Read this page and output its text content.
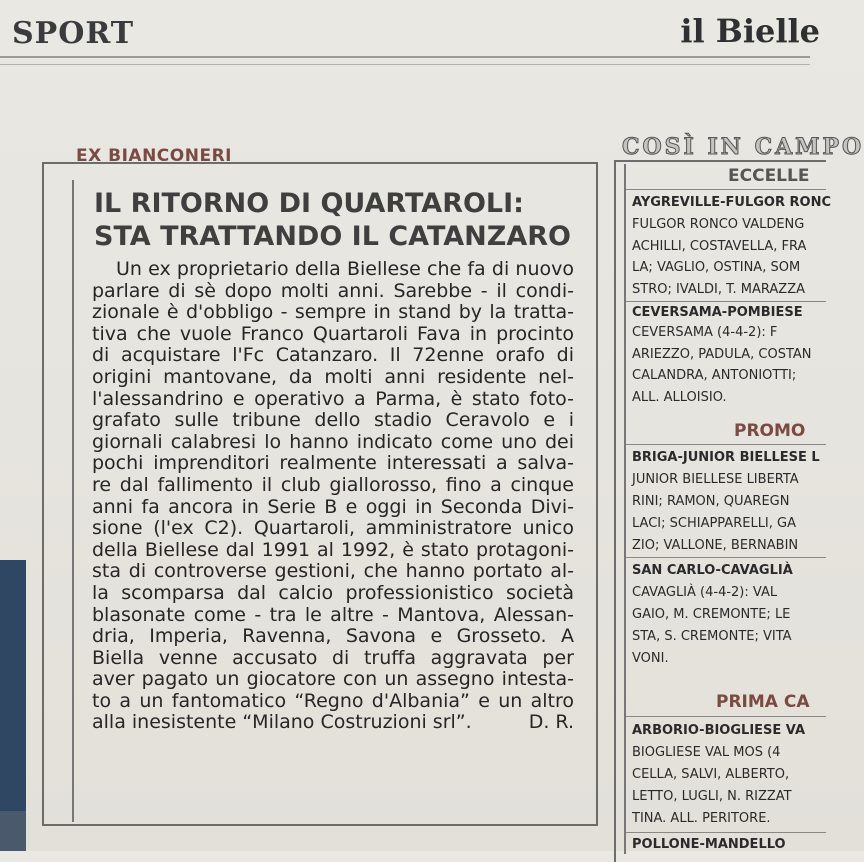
SPORT	il Bielle
EX BIANCONERI
IL RITORNO DI QUARTAROLI:
STA TRATTANDO IL CATANZARO
Un ex proprietario della Biellese che fa di nuovo
parlare di sè dopo molti anni. Sarebbe - il condi-
zionale è d'obbligo - sempre in stand by la tratta-
tiva che vuole Franco Quartaroli Fava in procinto
di acquistare l'Fc Catanzaro. Il 72enne orafo di
origini mantovane, da molti anni residente nel-
l'alessandrino e operativo a Parma, è stato foto-
grafato sulle tribune dello stadio Ceravolo e i
giornali calabresi lo hanno indicato come uno dei
pochi imprenditori realmente interessati a salva-
re dal fallimento il club giallorosso, fino a cinque
anni fa ancora in Serie B e oggi in Seconda Divi-
sione (l'ex C2). Quartaroli, amministratore unico
della Biellese dal 1991 al 1992, è stato protagoni-
sta di controverse gestioni, che hanno portato al-
la scomparsa dal calcio professionistico società
blasonate come - tra le altre - Mantova, Alessan-
dria, Imperia, Ravenna, Savona e Grosseto. A
Biella venne accusato di truffa aggravata per
aver pagato un giocatore con un assegno intesta-
to a un fantomatico “Regno d'Albania” e un altro
alla inesistente “Milano Costruzioni srl”.	D. R.
COSÌ IN CAMPO
ECCELLE
AYGREVILLE-FULGOR RONC
FULGOR RONCO VALDENG
ACHILLI, COSTAVELLA, FRA
LA; VAGLIO, OSTINA, SOM
STRO; IVALDI, T. MARAZZA
CEVERSAMA-POMBIESE
CEVERSAMA (4-4-2): F
ARIEZZO, PADULA, COSTAN
CALANDRA, ANTONIOTTI;
ALL. ALLOISIO.
PROMO
BRIGA-JUNIOR BIELLESE L
JUNIOR BIELLESE LIBERTA
RINI; RAMON, QUAREGN
LACI; SCHIAPPARELLI, GA
ZIO; VALLONE, BERNABIN
SAN CARLO-CAVAGLIÀ
CAVAGLIÀ (4-4-2): VAL
GAIO, M. CREMONTE; LE
STA, S. CREMONTE; VITA
VONI.
PRIMA CA
ARBORIO-BIOGLIESE VA
BIOGLIESE VAL MOS (4
CELLA, SALVI, ALBERTO,
LETTO, LUGLI, N. RIZZAT
TINA. ALL. PERITORE.
POLLONE-MANDELLO
